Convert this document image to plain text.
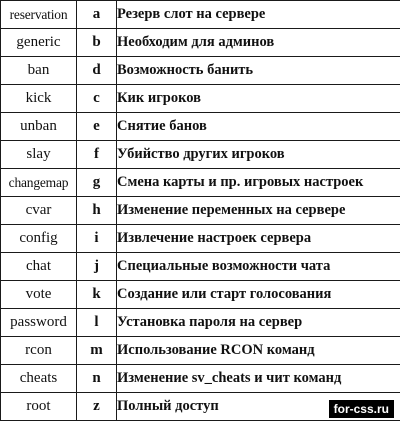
reservation	a	Резерв слот на сервере
generic	b	Необходим для админов
ban	d	Возможность банить
kick	c	Кик игроков
unban	e	Снятие банов
slay	f	Убийство других игроков
changemap	g	Смена карты и пр. игровых настроек
cvar	h	Изменение переменных на сервере
config	i	Извлечение настроек сервера
chat	j	Специальные возможности чата
vote	k	Создание или старт голосования
password	l	Установка пароля на сервер
rcon	m	Использование RCON команд
cheats	n	Изменение sv_cheats и чит команд
root	z	Полный доступ	for-css.ru
